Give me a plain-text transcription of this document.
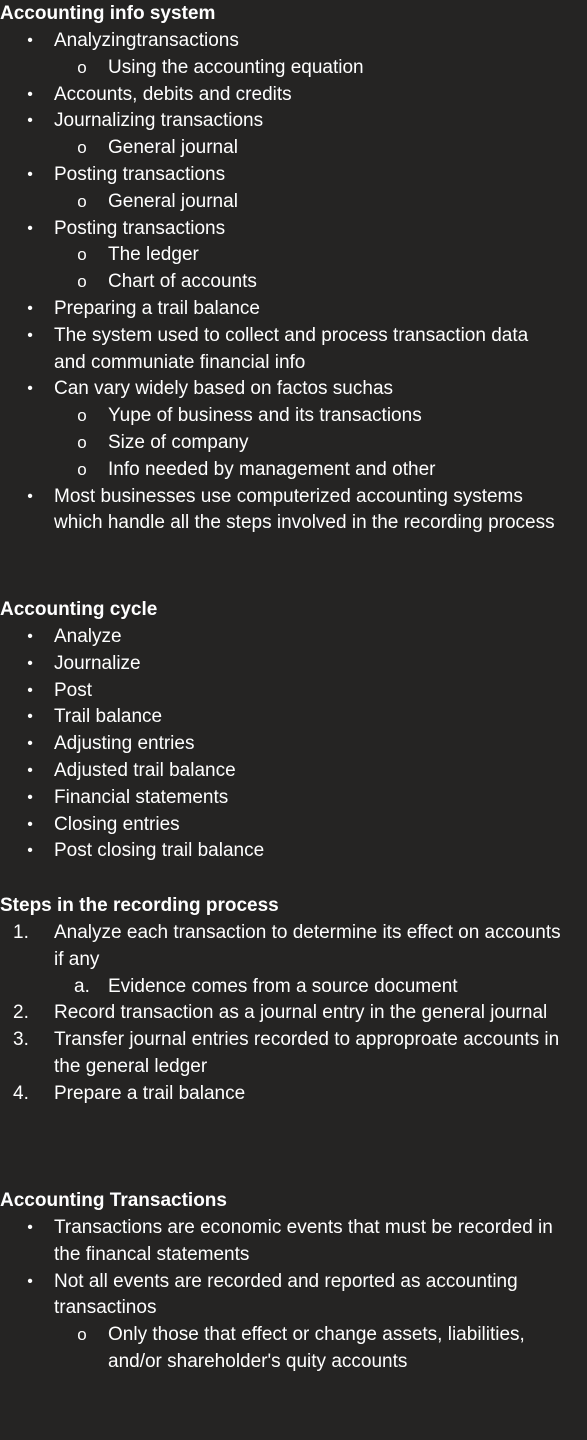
Accounting info system
•	Analyzingtransactions
o Using the accounting equation
•	Accounts, debits and credits
•	Journalizing transactions
o General journal
•	Posting transactions
o General journal
•	Posting transactions
o The ledger
o Chart of accounts
•	Preparing a trail balance
•	The system used to collect and process transaction data and communiate financial info
•	Can vary widely based on factos suchas
o Yupe of business and its transactions
o Size of company
o Info needed by management and other
•	Most businesses use computerized accounting systems which handle all the steps involved in the recording process
Accounting cycle
•	Analyze
•	Journalize
•	Post
•	Trail balance
•	Adjusting entries
•	Adjusted trail balance
•	Financial statements
•	Closing entries
•	Post closing trail balance
Steps in the recording process
1.	Analyze each transaction to determine its effect on accounts if any
a. Evidence comes from a source document
2.	Record transaction as a journal entry in the general journal
3.	Transfer journal entries recorded to approproate accounts in the general ledger
4.	Prepare a trail balance
Accounting Transactions
•	Transactions are economic events that must be recorded in the financal statements
•	Not all events are recorded and reported as accounting transactinos
o Only those that effect or change assets, liabilities, and/or shareholder's quity accounts
